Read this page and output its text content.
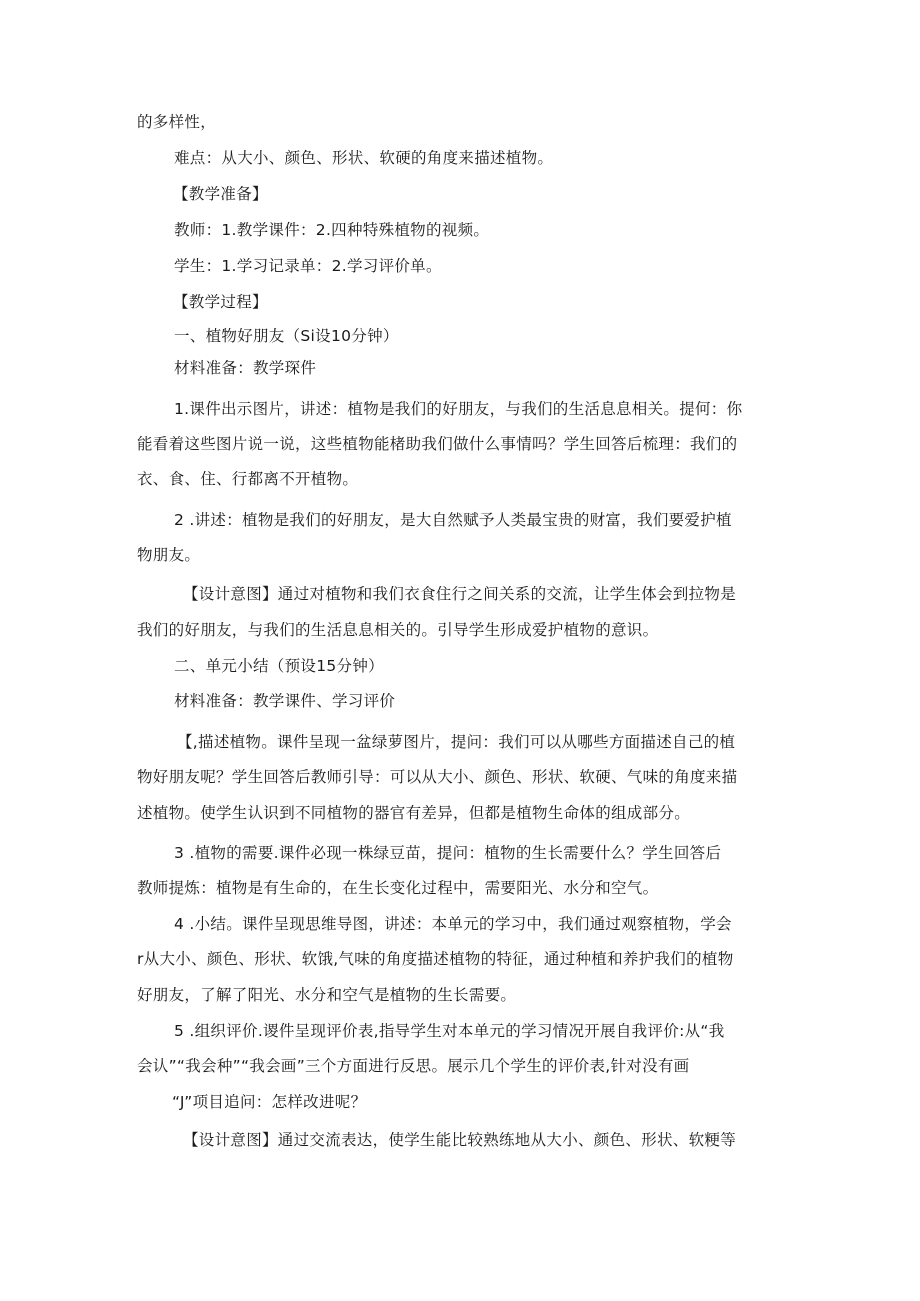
的多样性，
难点：从大小、颜色、形状、软硬的角度来描述植物。
【教学准备】
教师：1.教学课件：2.四种特殊植物的视频。
学生：1.学习记录单：2.学习评价单。
【教学过程】
一、植物好朋友（Si设10分钟）
材料准备：教学琛件
1.课件出示图片，讲述：植物是我们的好朋友，与我们的生活息息相关。提何：你
能看着这些图片说一说，这些植物能楮助我们做什么事情吗？学生回答后梳理：我们的
衣、食、住、行都离不开植物。
2 .讲述：植物是我们的好朋友，是大自然赋予人类最宝贵的财富，我们要爱护植
物朋友。
【设计意图】通过对植物和我们衣食住行之间关系的交流，让学生体会到拉物是
我们的好朋友，与我们的生活息息相关的。引导学生形成爱护植物的意识。
二、单元小结（预设15分钟）
材料准备：教学课件、学习评价
【,描述植物。课件呈现一盆绿萝图片，提问：我们可以从哪些方面描述自己的植
物好朋友呢？学生回答后教师引导：可以从大小、颜色、形状、软硬、气味的角度来描
述植物。使学生认识到不同植物的器官有差异，但都是植物生命体的组成部分。
3 .植物的需要.课件必现一株绿豆苗，提问：植物的生长需要什么？学生回答后
教师提炼：植物是有生命的，在生长变化过程中，需要阳光、水分和空气。
4 .小结。课件呈现思维导图，讲述：本单元的学习中，我们通过观察植物，学会
r从大小、颜色、形状、软饿,气味的角度描述植物的特征，通过种植和养护我们的植物
好朋友，了解了阳光、水分和空气是植物的生长需要。
5 .组织评价.谡件呈现评价表,指导学生对本单元的学习情况开展自我评价:从“我
会认”“我会种”“我会画”三个方面进行反思。展示几个学生的评价表,针对没有画
“J”项目追问：怎样改进呢？
【设计意图】通过交流表达，使学生能比较熟练地从大小、颜色、形状、软粳等
